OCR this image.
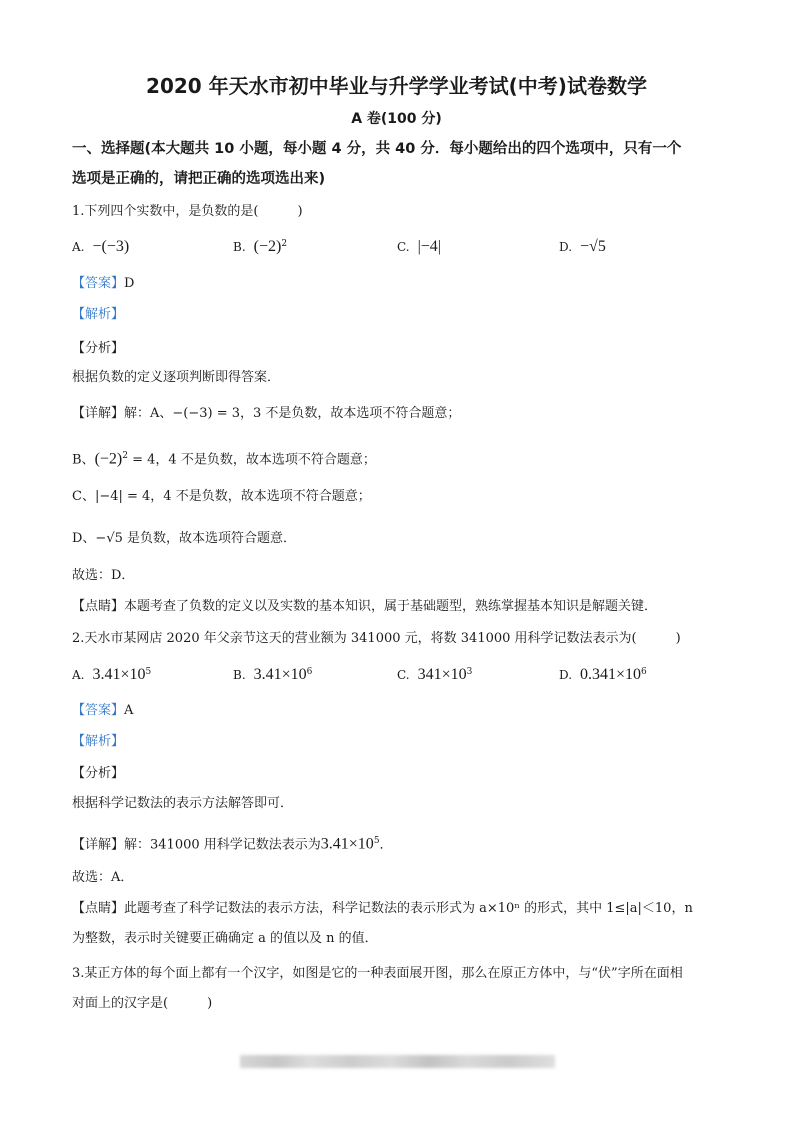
2020 年天水市初中毕业与升学学业考试(中考)试卷数学
A 卷(100 分)
一、选择题(本大题共 10 小题，每小题 4 分，共 40 分．每小题给出的四个选项中，只有一个
选项是正确的，请把正确的选项选出来)
1.下列四个实数中，是负数的是(　　　)
A. −(−3)	B. $(-2)^2$	C. |−4|	D. −√5
【答案】D
【解析】
【分析】
根据负数的定义逐项判断即得答案．
【详解】解：A、−(−3) = 3，3 不是负数，故本选项不符合题意；
B、$(-2)^2 = 4$，4 不是负数，故本选项不符合题意；
C、|−4| = 4，4 不是负数，故本选项不符合题意；
D、−√5 是负数，故本选项符合题意．
故选：D．
【点睛】本题考查了负数的定义以及实数的基本知识，属于基础题型，熟练掌握基本知识是解题关键．
2.天水市某网店 2020 年父亲节这天的营业额为 341000 元，将数 341000 用科学记数法表示为(　　　)
A. $3.41\times 10^5$	B. $3.41\times 10^6$	C. $341\times 10^3$	D. $0.341\times 10^6$
【答案】A
【解析】
【分析】
根据科学记数法的表示方法解答即可．
【详解】解：341000 用科学记数法表示为$3.41\times 10^5$．
故选：A．
【点睛】此题考查了科学记数法的表示方法，科学记数法的表示形式为 a×10ⁿ 的形式，其中 1≤|a|＜10，n
为整数，表示时关键要正确确定 a 的值以及 n 的值．
3.某正方体的每个面上都有一个汉字，如图是它的一种表面展开图，那么在原正方体中，与“伏”字所在面相
对面上的汉字是(　　　)
